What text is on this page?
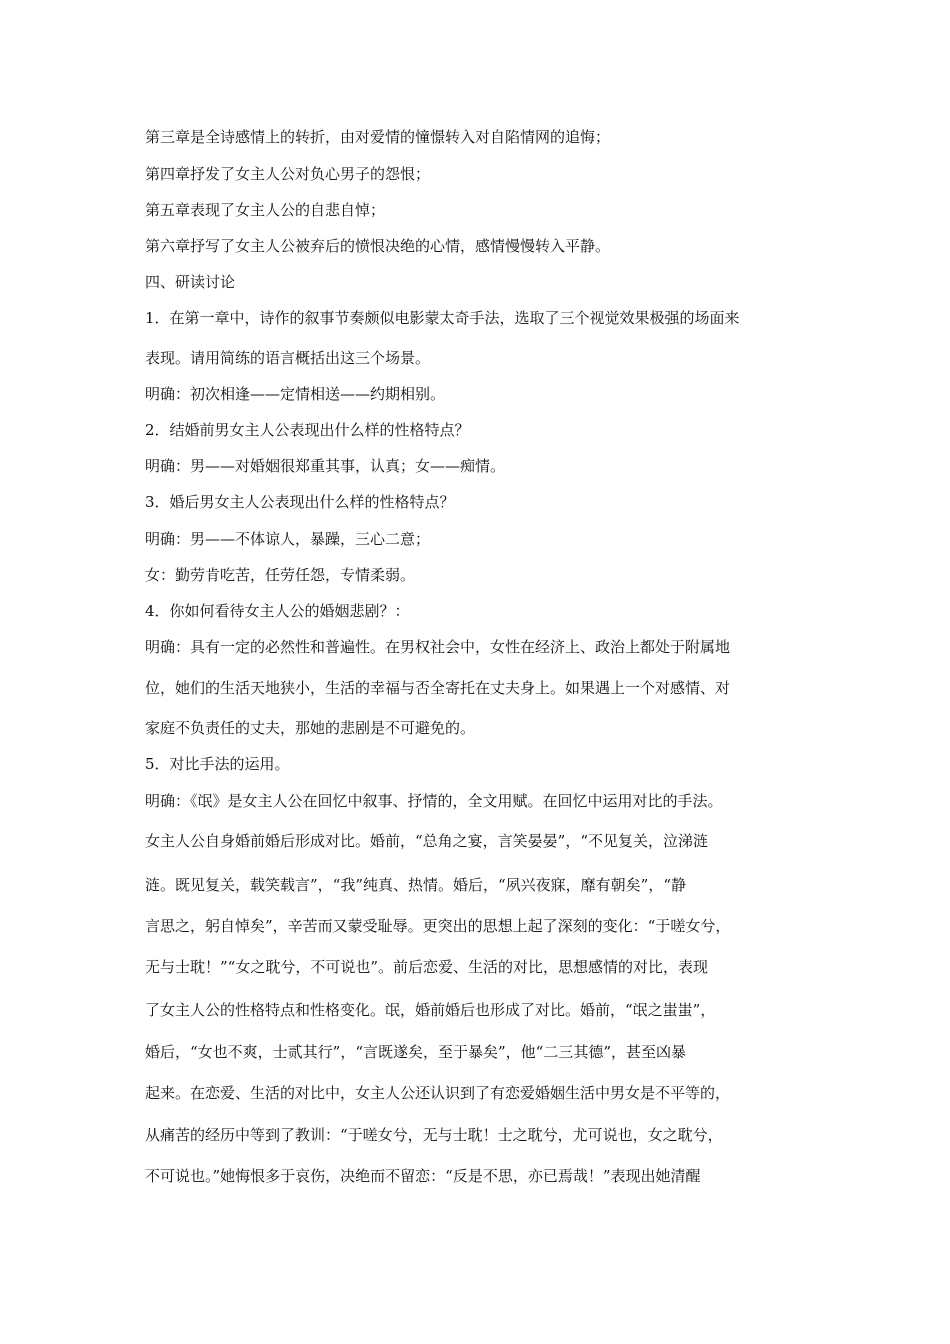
第三章是全诗感情上的转折，由对爱情的憧憬转入对自陷情网的追悔；
第四章抒发了女主人公对负心男子的怨恨；
第五章表现了女主人公的自悲自悼；
第六章抒写了女主人公被弃后的愤恨决绝的心情，感情慢慢转入平静。
四、研读讨论
1．在第一章中，诗作的叙事节奏颇似电影蒙太奇手法，选取了三个视觉效果极强的场面来
表现。请用简练的语言概括出这三个场景。
明确：初次相逢——定情相送——约期相别。
2．结婚前男女主人公表现出什么样的性格特点？
明确：男——对婚姻很郑重其事，认真；女——痴情。
3．婚后男女主人公表现出什么样的性格特点？
明确：男——不体谅人，暴躁，三心二意；
女：勤劳肯吃苦，任劳任怨，专情柔弱。
4．你如何看待女主人公的婚姻悲剧？：
明确：具有一定的必然性和普遍性。在男权社会中，女性在经济上、政治上都处于附属地
位，她们的生活天地狭小，生活的幸福与否全寄托在丈夫身上。如果遇上一个对感情、对
家庭不负责任的丈夫，那她的悲剧是不可避免的。
5．对比手法的运用。
明确：《氓》是女主人公在回忆中叙事、抒情的，全文用赋。在回忆中运用对比的手法。
女主人公自身婚前婚后形成对比。婚前，“总角之宴，言笑晏晏”，“不见复关，泣涕涟
涟。既见复关，载笑载言”，“我”纯真、热情。婚后，“夙兴夜寐，靡有朝矣”，“静
言思之，躬自悼矣”，辛苦而又蒙受耻辱。更突出的思想上起了深刻的变化：“于嗟女兮，
无与士耽！”“女之耽兮，不可说也”。前后恋爱、生活的对比，思想感情的对比，表现
了女主人公的性格特点和性格变化。氓，婚前婚后也形成了对比。婚前，“氓之蚩蚩”，
婚后，“女也不爽，士贰其行”，“言既遂矣，至于暴矣”，他“二三其德”，甚至凶暴
起来。在恋爱、生活的对比中，女主人公还认识到了有恋爱婚姻生活中男女是不平等的，
从痛苦的经历中等到了教训：“于嗟女兮，无与士耽！士之耽兮，尤可说也，女之耽兮，
不可说也。”她悔恨多于哀伤，决绝而不留恋：“反是不思，亦已焉哉！”表现出她清醒
